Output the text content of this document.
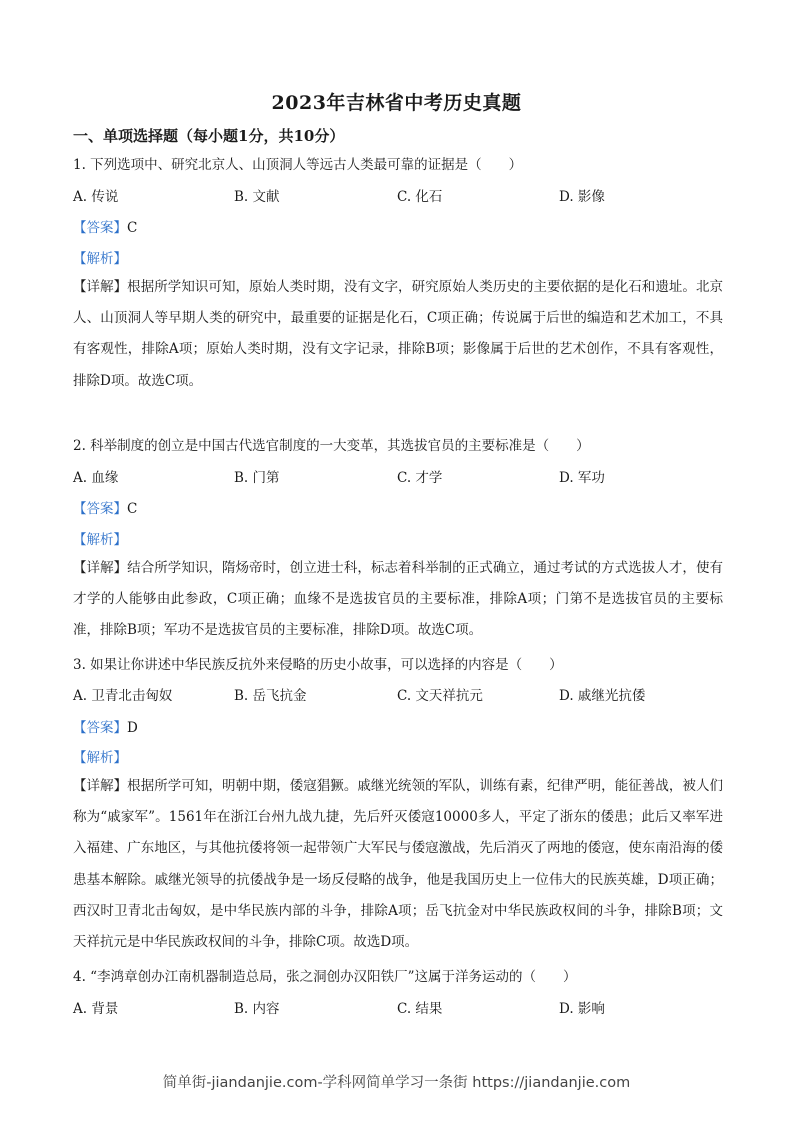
2023年吉林省中考历史真题
一、单项选择题（每小题1分，共10分）
1. 下列选项中、研究北京人、山顶洞人等远古人类最可靠的证据是（　　）
A. 传说	B. 文献	C. 化石	D. 影像
【答案】C
【解析】
【详解】根据所学知识可知，原始人类时期，没有文字，研究原始人类历史的主要依据的是化石和遗址。北京人、山顶洞人等早期人类的研究中，最重要的证据是化石，C项正确；传说属于后世的编造和艺术加工，不具有客观性，排除A项；原始人类时期，没有文字记录，排除B项；影像属于后世的艺术创作，不具有客观性，排除D项。故选C项。
2. 科举制度的创立是中国古代选官制度的一大变革，其选拔官员的主要标准是（　　）
A. 血缘	B. 门第	C. 才学	D. 军功
【答案】C
【解析】
【详解】结合所学知识，隋炀帝时，创立进士科，标志着科举制的正式确立，通过考试的方式选拔人才，使有才学的人能够由此参政，C项正确；血缘不是选拔官员的主要标准，排除A项；门第不是选拔官员的主要标准，排除B项；军功不是选拔官员的主要标准，排除D项。故选C项。
3. 如果让你讲述中华民族反抗外来侵略的历史小故事，可以选择的内容是（　　）
A. 卫青北击匈奴	B. 岳飞抗金	C. 文天祥抗元	D. 戚继光抗倭
【答案】D
【解析】
【详解】根据所学可知，明朝中期，倭寇猖獗。戚继光统领的军队，训练有素，纪律严明，能征善战，被人们称为“戚家军”。1561年在浙江台州九战九捷，先后歼灭倭寇10000多人，平定了浙东的倭患；此后又率军进入福建、广东地区，与其他抗倭将领一起带领广大军民与倭寇激战，先后消灭了两地的倭寇，使东南沿海的倭患基本解除。戚继光领导的抗倭战争是一场反侵略的战争，他是我国历史上一位伟大的民族英雄，D项正确；西汉时卫青北击匈奴，是中华民族内部的斗争，排除A项；岳飞抗金对中华民族政权间的斗争，排除B项；文天祥抗元是中华民族政权间的斗争，排除C项。故选D项。
4. “李鸿章创办江南机器制造总局，张之洞创办汉阳铁厂”这属于洋务运动的（　　）
A. 背景	B. 内容	C. 结果	D. 影响
简单街-jiandanjie.com-学科网简单学习一条街 https://jiandanjie.com
